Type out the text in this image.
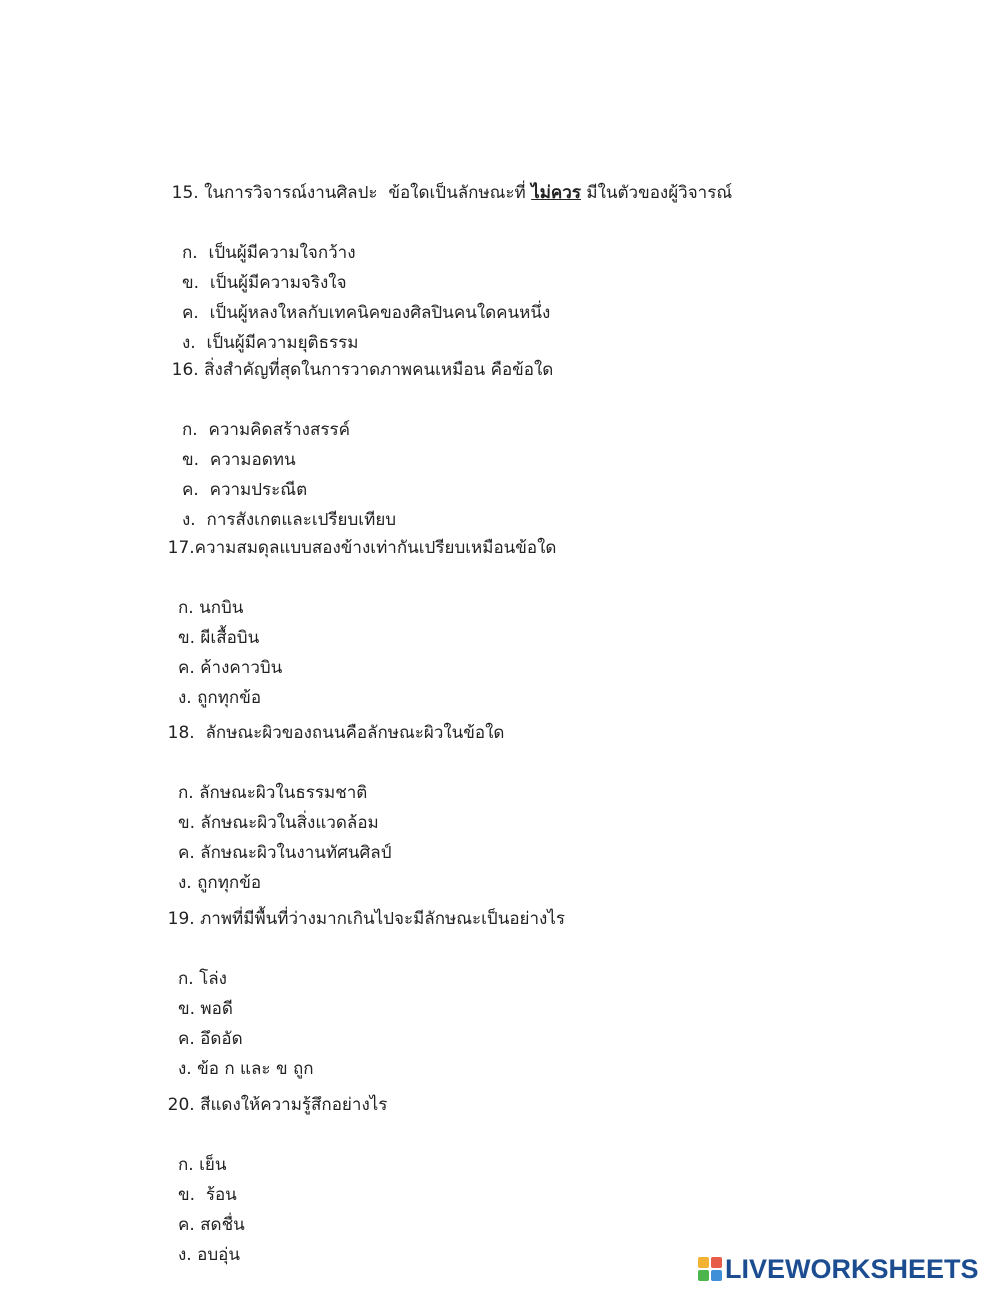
15. ในการวิจารณ์งานศิลปะ  ข้อใดเป็นลักษณะที่ ไม่ควร มีในตัวของผู้วิจารณ์

ก.  เป็นผู้มีความใจกว้าง
ข.  เป็นผู้มีความจริงใจ
ค.  เป็นผู้หลงใหลกับเทคนิคของศิลปินคนใดคนหนึ่ง
ง.  เป็นผู้มีความยุติธรรม

16. สิ่งสำคัญที่สุดในการวาดภาพคนเหมือน คือข้อใด

ก.  ความคิดสร้างสรรค์
ข.  ความอดทน
ค.  ความประณีต
ง.  การสังเกตและเปรียบเทียบ

17.ความสมดุลแบบสองข้างเท่ากันเปรียบเหมือนข้อใด

ก. นกบิน
ข. ผีเสื้อบิน
ค. ค้างคาวบิน
ง. ถูกทุกข้อ

18.  ลักษณะผิวของถนนคือลักษณะผิวในข้อใด

ก. ลักษณะผิวในธรรมชาติ
ข. ลักษณะผิวในสิ่งแวดล้อม
ค. ลักษณะผิวในงานทัศนศิลป์
ง. ถูกทุกข้อ

19. ภาพที่มีพื้นที่ว่างมากเกินไปจะมีลักษณะเป็นอย่างไร

ก. โล่ง
ข. พอดี
ค. อึดอัด
ง. ข้อ ก และ ข ถูก

20. สีแดงให้ความรู้สึกอย่างไร

ก. เย็น
ข.  ร้อน
ค. สดชื่น
ง. อบอุ่น	LIVEWORKSHEETS
